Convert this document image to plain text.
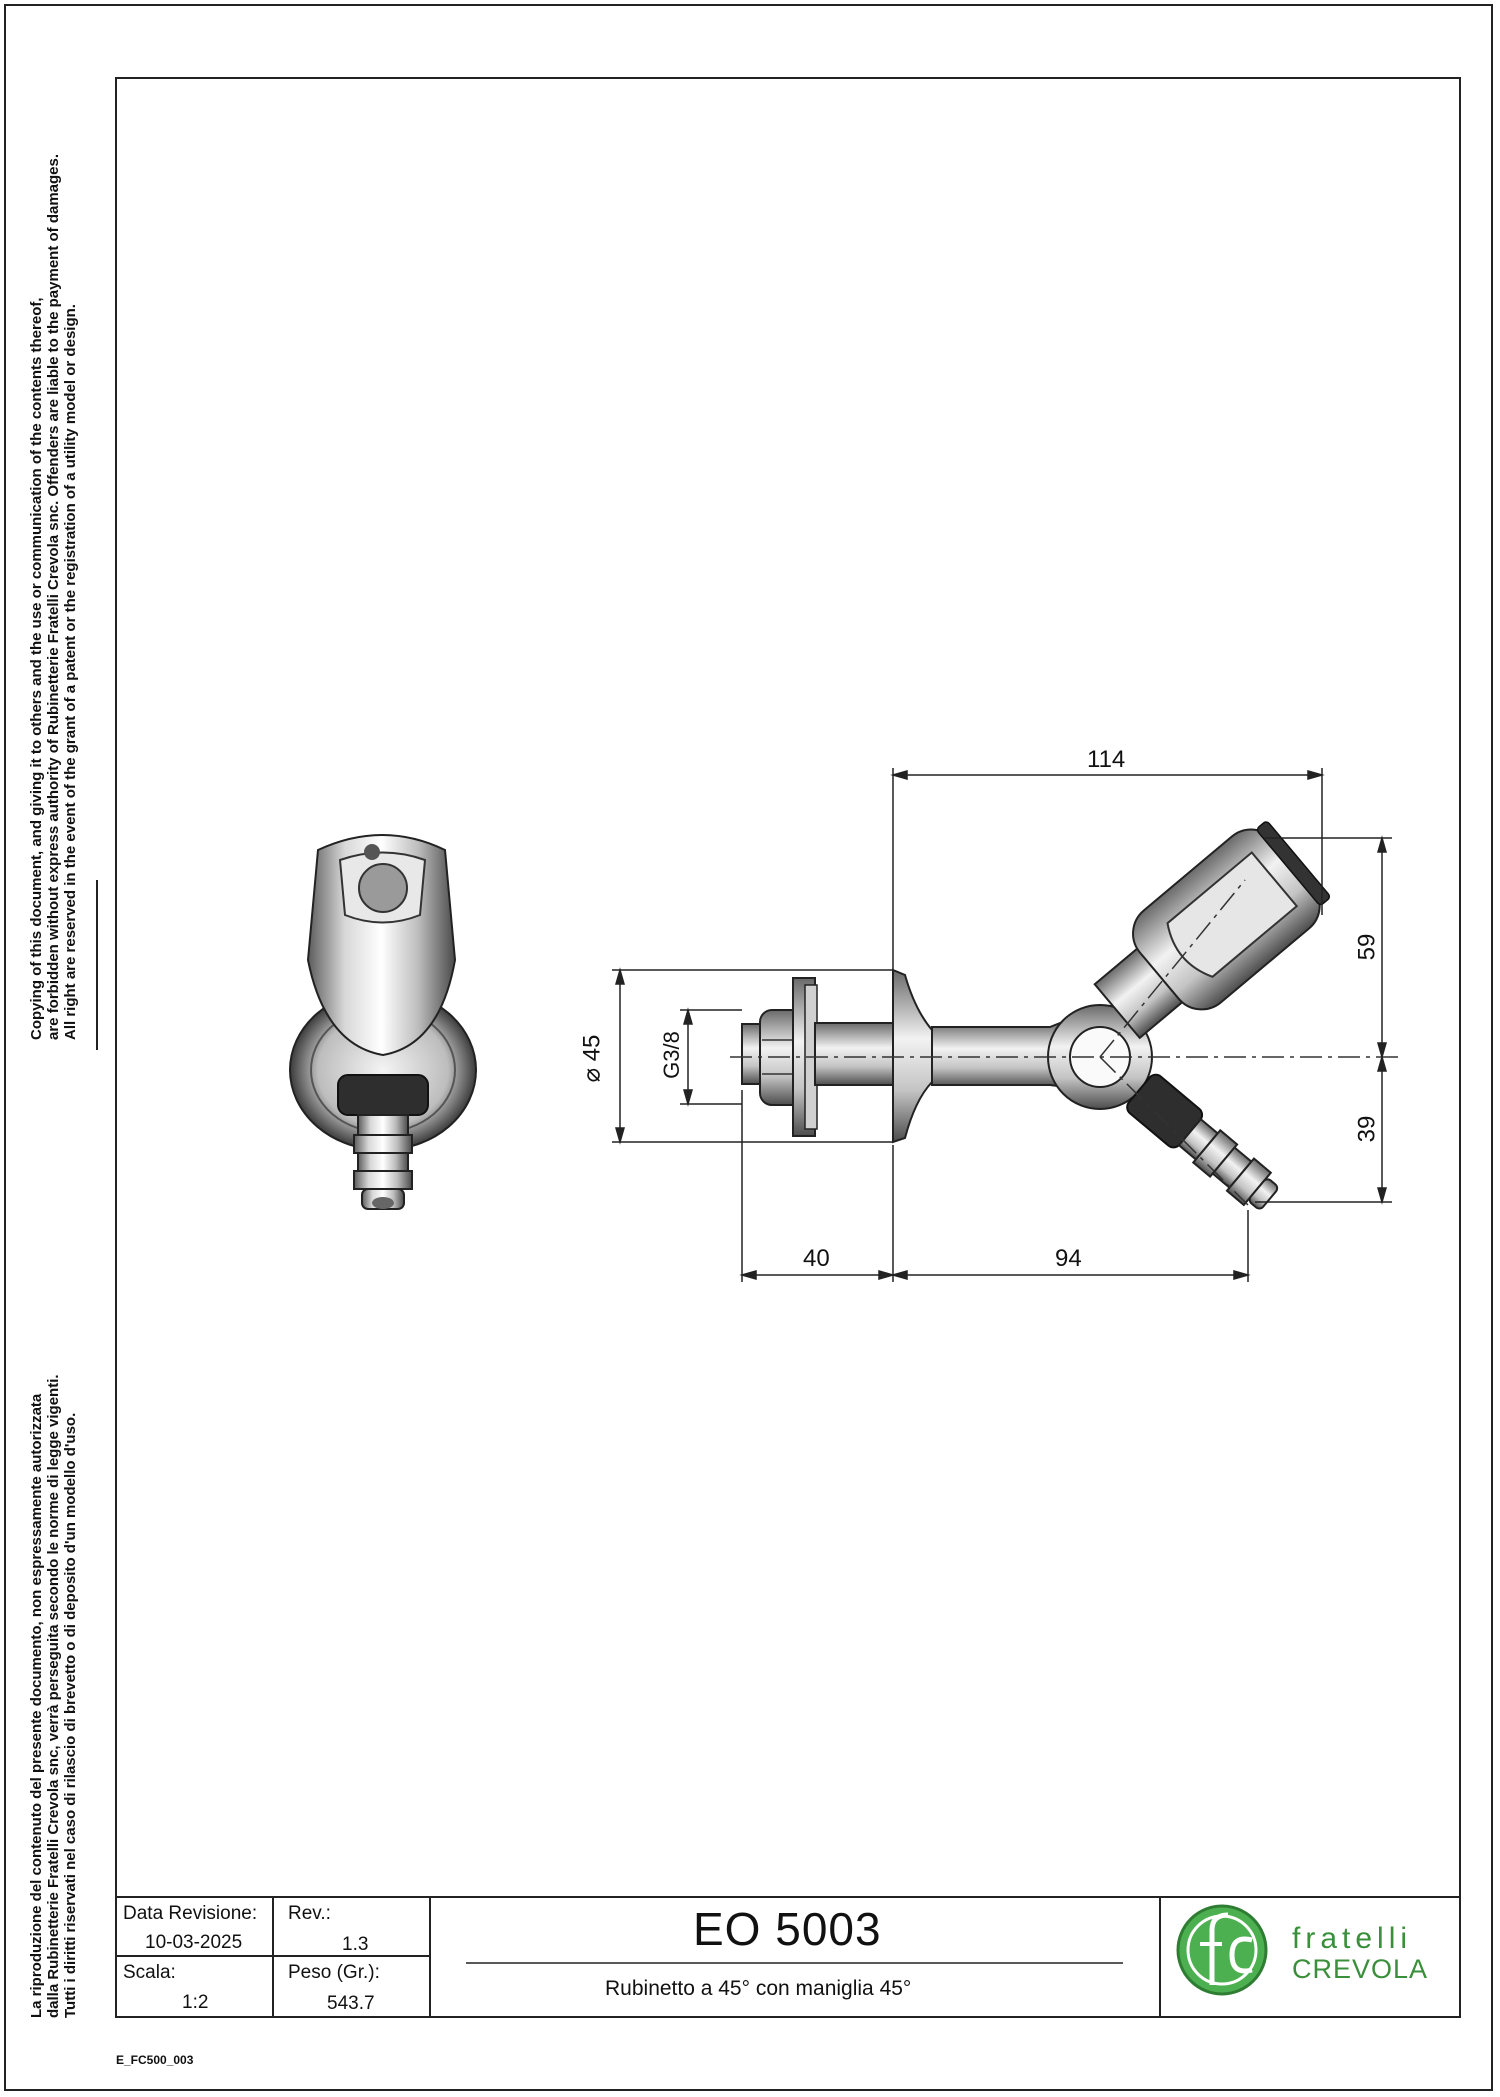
Copying of this document, and giving it to others and the use or communication of the contents thereof, are forbidden without express authority of Rubinetterie Fratelli Crevola snc. Offenders are liable to the payment of damages. All right are reserved in the event of the grant of a patent or the registration of a utility model or design.
La riproduzione del contenuto del presente documento, non espressamente autorizzata dalla Rubinetterie Fratelli Crevola snc, verrà perseguita secondo le norme di legge vigenti. Tutti i diritti riservati nel caso di rilascio di brevetto o di deposito d'un modello d'uso.
114
59
39
40	94
⌀ 45 G3/8
Data Revisione:
10-03-2025
Rev.:
1.3
Scala:
1:2
Peso (Gr.):
543.7
EO 5003
Rubinetto a 45° con maniglia 45°
fratelli
CREVOLA
E_FC500_003
